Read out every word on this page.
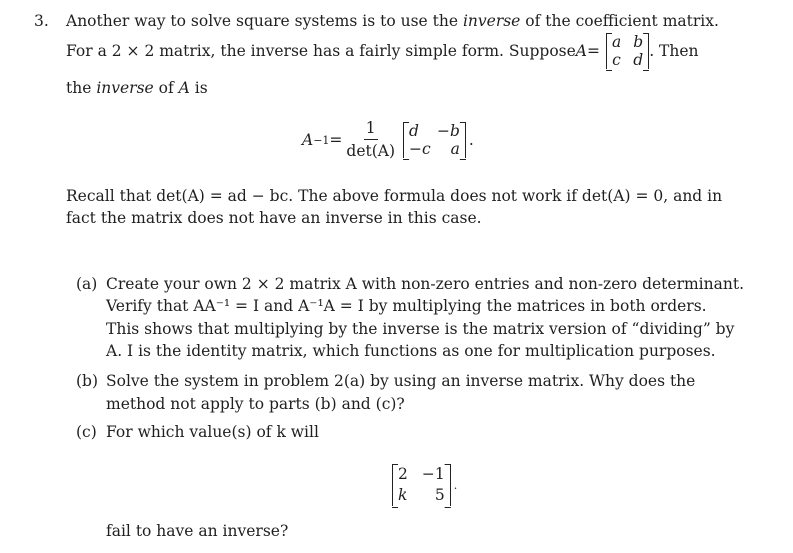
3. Another way to solve square systems is to use the inverse of the coefficient matrix.
For a 2 × 2 matrix, the inverse has a fairly simple form. Suppose A = a b
c d . Then
the inverse of A is
$A -1 = \frac{1}{\det(A)}$ d −b
−c a .
Recall that det(A) = ad − bc. The above formula does not work if det(A) = 0, and in
fact the matrix does not have an inverse in this case.
(a) Create your own 2 × 2 matrix A with non-zero entries and non-zero determinant.
Verify that AA⁻¹ = I and A⁻¹A = I by multiplying the matrices in both orders.
This shows that multiplying by the inverse is the matrix version of “dividing” by
A. I is the identity matrix, which functions as one for multiplication purposes.
(b) Solve the system in problem 2(a) by using an inverse matrix. Why does the
method not apply to parts (b) and (c)?
(c) For which value(s) of k will
2 −1
k 5
.
fail to have an inverse?
